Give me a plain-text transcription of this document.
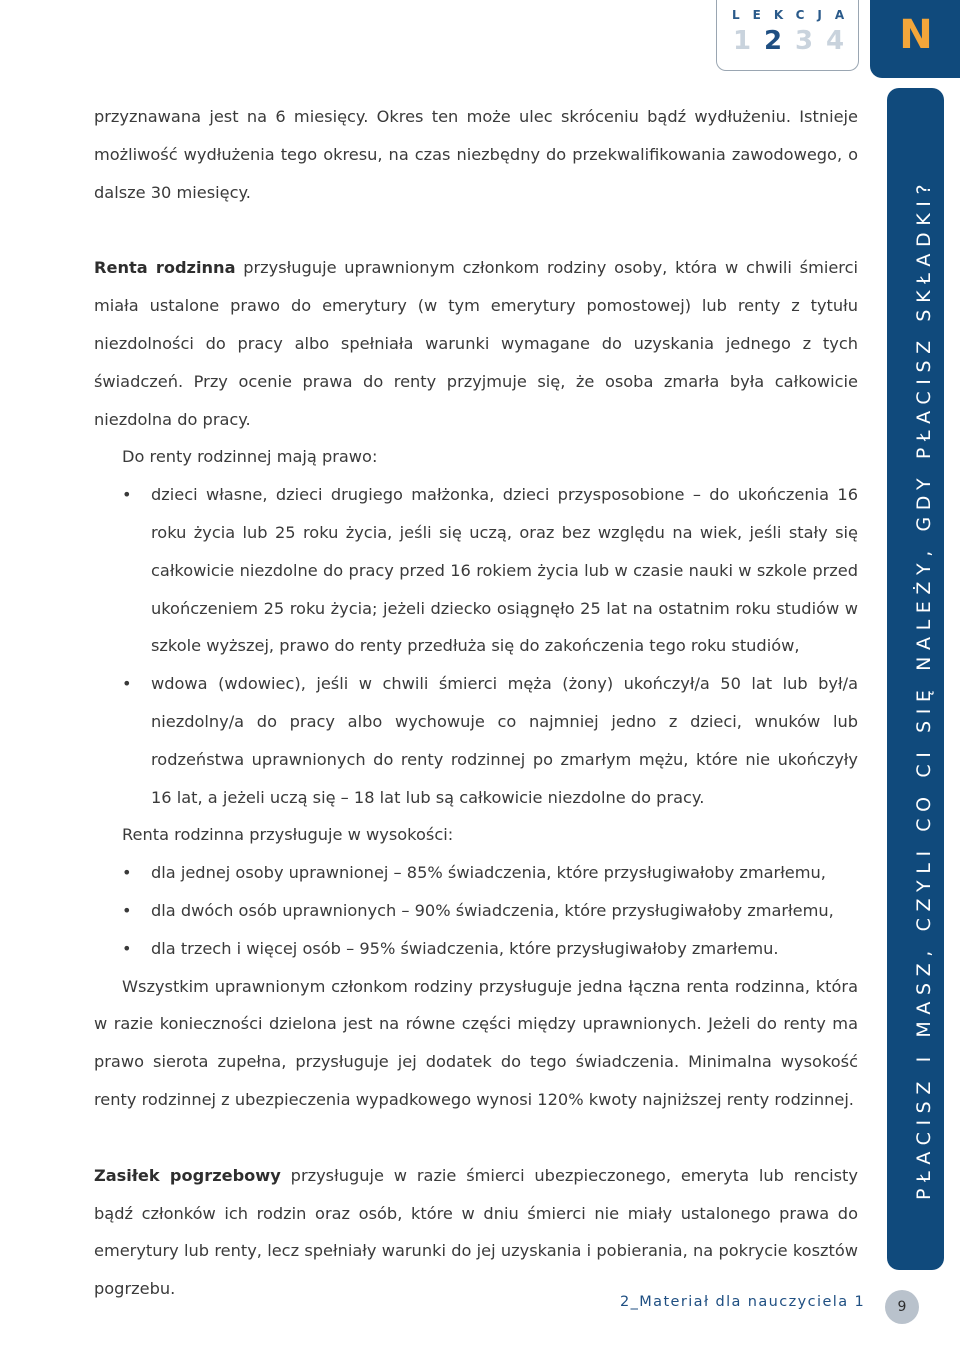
LEKCJA
1 2 3 4	N
PŁACISZ I MASZ, CZYLI CO CI SIĘ NALEŻY, GDY PŁACISZ SKŁADKI?

przyznawana jest na 6 miesięcy. Okres ten może ulec skróceniu bądź wydłużeniu. Istnieje możliwość wydłużenia tego okresu, na czas niezbędny do przekwalifikowania zawodowego, o dalsze 30 miesięcy.

Renta rodzinna przysługuje uprawnionym członkom rodziny osoby, która w chwili śmierci miała ustalone prawo do emerytury (w tym emerytury pomostowej) lub renty z tytułu niezdolności do pracy albo spełniała warunki wymagane do uzyskania jednego z tych świadczeń. Przy ocenie prawa do renty przyjmuje się, że osoba zmarła była całkowicie niezdolna do pracy.

Do renty rodzinnej mają prawo:

• dzieci własne, dzieci drugiego małżonka, dzieci przysposobione – do ukończenia 16 roku życia lub 25 roku życia, jeśli się uczą, oraz bez względu na wiek, jeśli stały się całkowicie niezdolne do pracy przed 16 rokiem życia lub w czasie nauki w szkole przed ukończeniem 25 roku życia; jeżeli dziecko osiągnęło 25 lat na ostatnim roku studiów w szkole wyższej, prawo do renty przedłuża się do zakończenia tego roku studiów,
• wdowa (wdowiec), jeśli w chwili śmierci męża (żony) ukończył/a 50 lat lub był/a niezdolny/a do pracy albo wychowuje co najmniej jedno z dzieci, wnuków lub rodzeństwa uprawnionych do renty rodzinnej po zmarłym mężu, które nie ukończyły 16 lat, a jeżeli uczą się – 18 lat lub są całkowicie niezdolne do pracy.

Renta rodzinna przysługuje w wysokości:

• dla jednej osoby uprawnionej – 85% świadczenia, które przysługiwałoby zmarłemu,
• dla dwóch osób uprawnionych – 90% świadczenia, które przysługiwałoby zmarłemu,
• dla trzech i więcej osób – 95% świadczenia, które przysługiwałoby zmarłemu.

Wszystkim uprawnionym członkom rodziny przysługuje jedna łączna renta rodzinna, która w razie konieczności dzielona jest na równe części między uprawnionych. Jeżeli do renty ma prawo sierota zupełna, przysługuje jej dodatek do tego świadczenia. Minimalna wysokość renty rodzinnej z ubezpieczenia wypadkowego wynosi 120% kwoty najniższej renty rodzinnej.

Zasiłek pogrzebowy przysługuje w razie śmierci ubezpieczonego, emeryta lub rencisty bądź członków ich rodzin oraz osób, które w dniu śmierci nie miały ustalonego prawa do emerytury lub renty, lecz spełniały warunki do jej uzyskania i pobierania, na pokrycie kosztów pogrzebu.

2_Materiał dla nauczyciela 1	9
